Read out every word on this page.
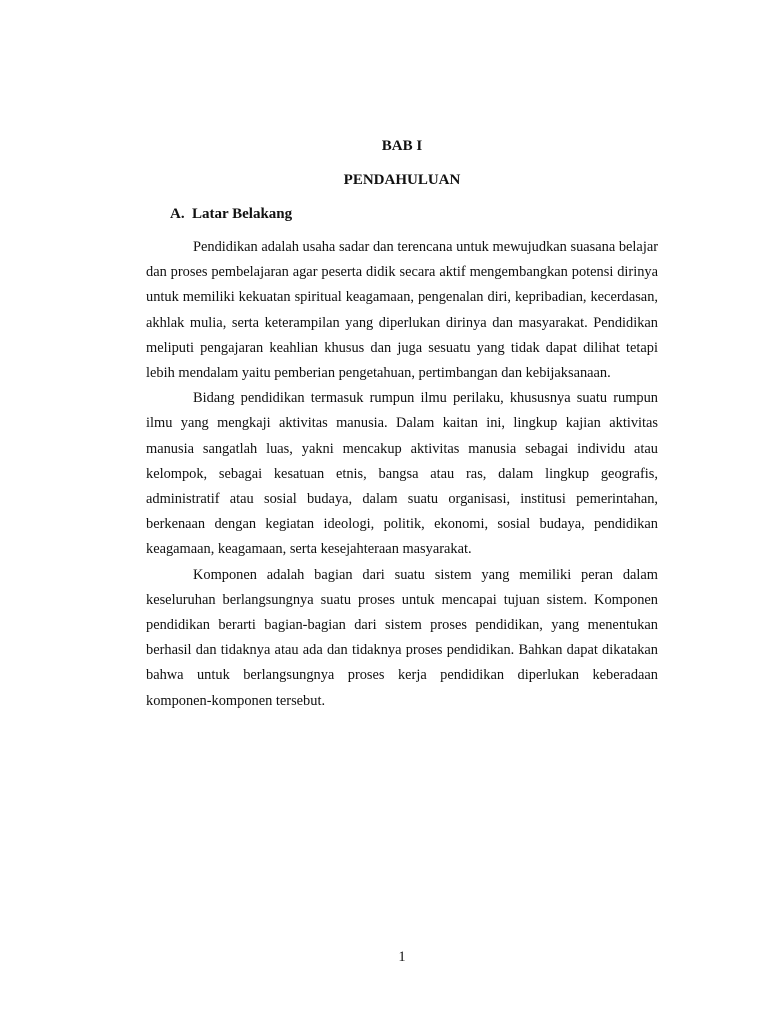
BAB I
PENDAHULUAN
A. Latar Belakang

Pendidikan adalah usaha sadar dan terencana untuk mewujudkan suasana belajar dan proses pembelajaran agar peserta didik secara aktif mengembangkan potensi dirinya untuk memiliki kekuatan spiritual keagamaan, pengenalan diri, kepribadian, kecerdasan, akhlak mulia, serta keterampilan yang diperlukan dirinya dan masyarakat. Pendidikan meliputi pengajaran keahlian khusus dan juga sesuatu yang tidak dapat dilihat tetapi lebih mendalam yaitu pemberian pengetahuan, pertimbangan dan kebijaksanaan.

Bidang pendidikan termasuk rumpun ilmu perilaku, khususnya suatu rumpun ilmu yang mengkaji aktivitas manusia. Dalam kaitan ini, lingkup kajian aktivitas manusia sangatlah luas, yakni mencakup aktivitas manusia sebagai individu atau kelompok, sebagai kesatuan etnis, bangsa atau ras, dalam lingkup geografis, administratif atau sosial budaya, dalam suatu organisasi, institusi pemerintahan, berkenaan dengan kegiatan ideologi, politik, ekonomi, sosial budaya, pendidikan keagamaan, keagamaan, serta kesejahteraan masyarakat.

Komponen adalah bagian dari suatu sistem yang memiliki peran dalam keseluruhan berlangsungnya suatu proses untuk mencapai tujuan sistem. Komponen pendidikan berarti bagian-bagian dari sistem proses pendidikan, yang menentukan berhasil dan tidaknya atau ada dan tidaknya proses pendidikan. Bahkan dapat dikatakan bahwa untuk berlangsungnya proses kerja pendidikan diperlukan keberadaan komponen-komponen tersebut.

1
